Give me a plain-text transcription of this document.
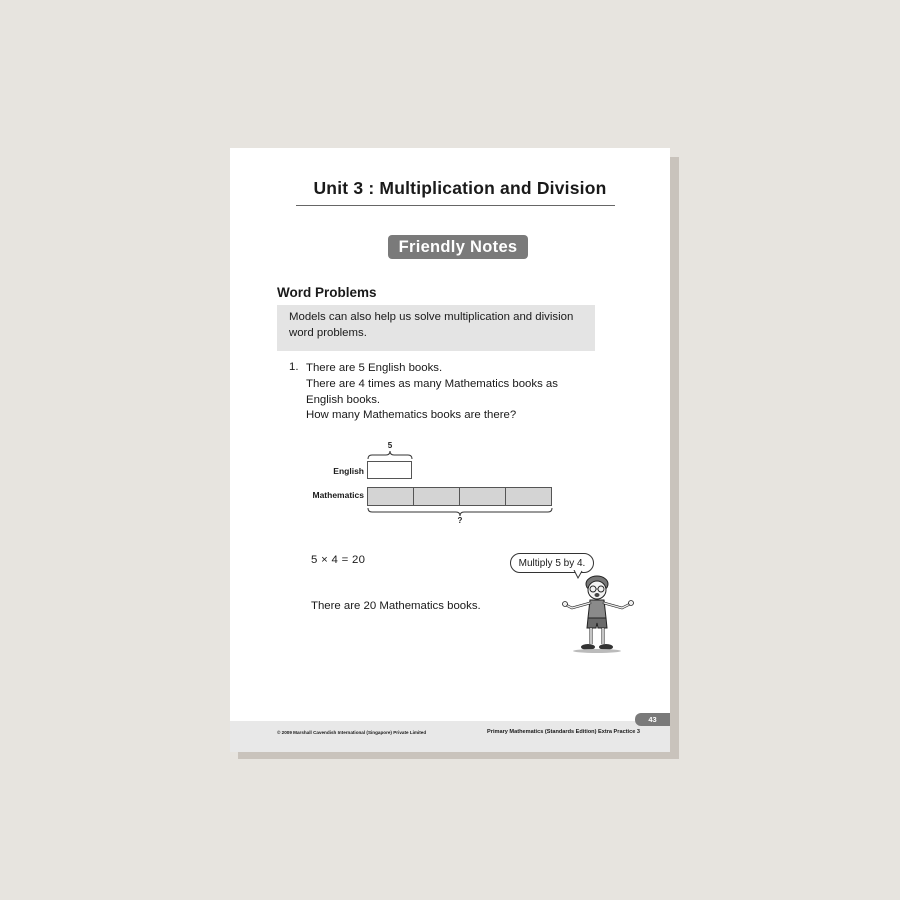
Unit 3 : Multiplication and Division
Friendly Notes
Word Problems
Models can also help us solve multiplication and division
word problems.
1. There are 5 English books.
There are 4 times as many Mathematics books as
English books.
How many Mathematics books are there?
5
English
Mathematics
?
5 × 4 = 20
There are 20 Mathematics books.
Multiply 5 by 4.
© 2009 Marshall Cavendish International (Singapore) Private Limited	Primary Mathematics (Standards Edition) Extra Practice 3
43
